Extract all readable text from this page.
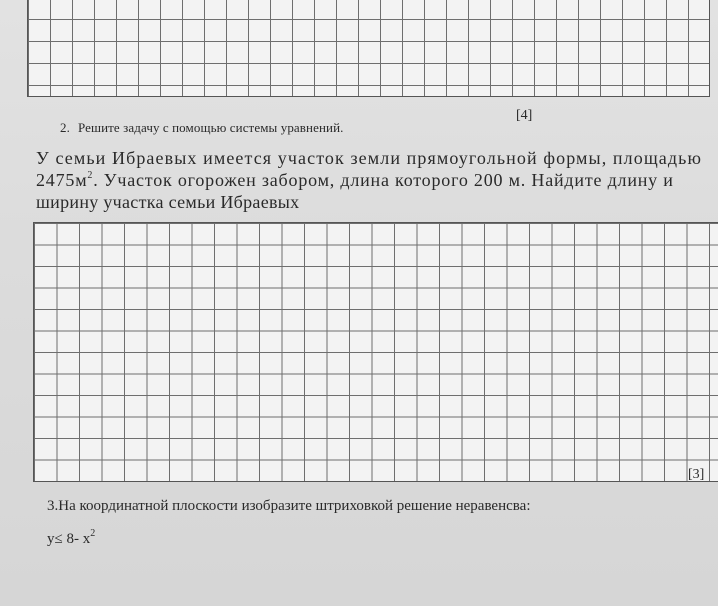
2. Решите задачу с помощью системы уравнений.
[4]
У семьи Ибраевых имеется участок земли прямоугольной формы, площадью
$2475м^2$. Участок огорожен забором, длина которого 200 м. Найдите длину и
ширину участка семьи Ибраевых
3.На координатной плоскости изобразите штриховкой решение неравенсва:
[3]
y≤ 8- $x^2$
